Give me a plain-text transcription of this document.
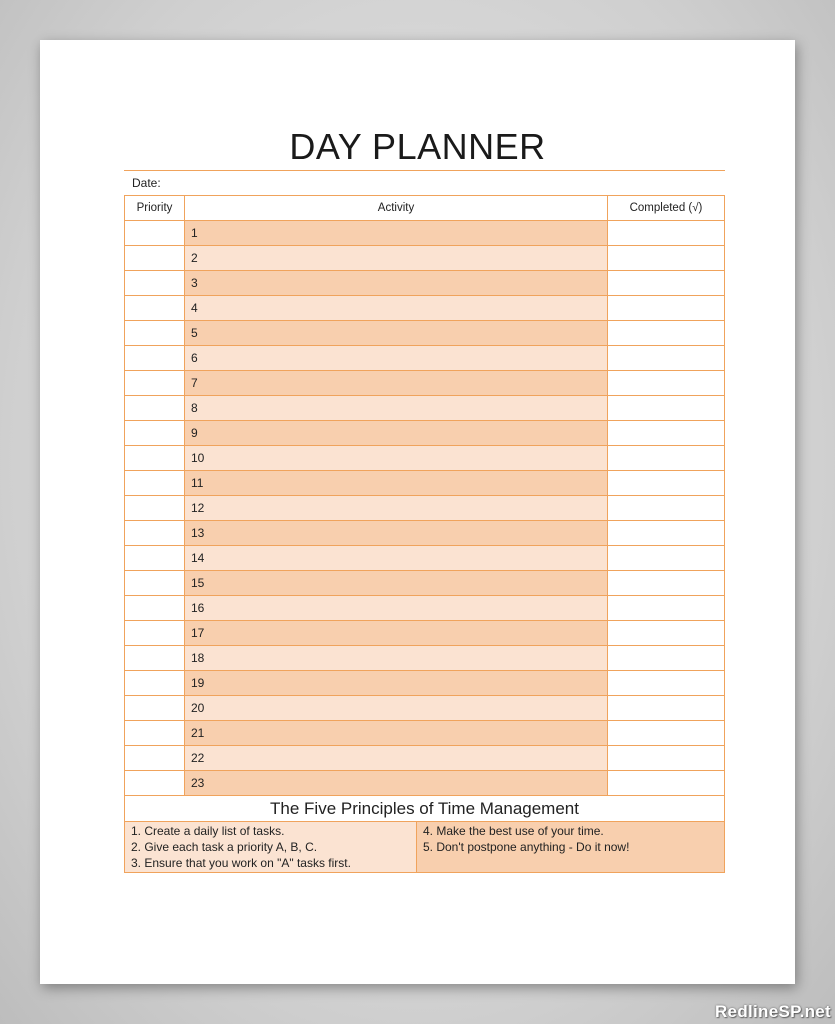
DAY PLANNER
Date:
Priority	Activity	Completed (√)
1
2
3
4
5
6
7
8
9
10
11
12
13
14
15
16
17
18
19
20
21
22
23
The Five Principles of Time Management
1. Create a daily list of tasks.
2. Give each task a priority A, B, C.
3. Ensure that you work on "A" tasks first.
4. Make the best use of your time.
5. Don't postpone anything - Do it now!
RedlineSP.net
